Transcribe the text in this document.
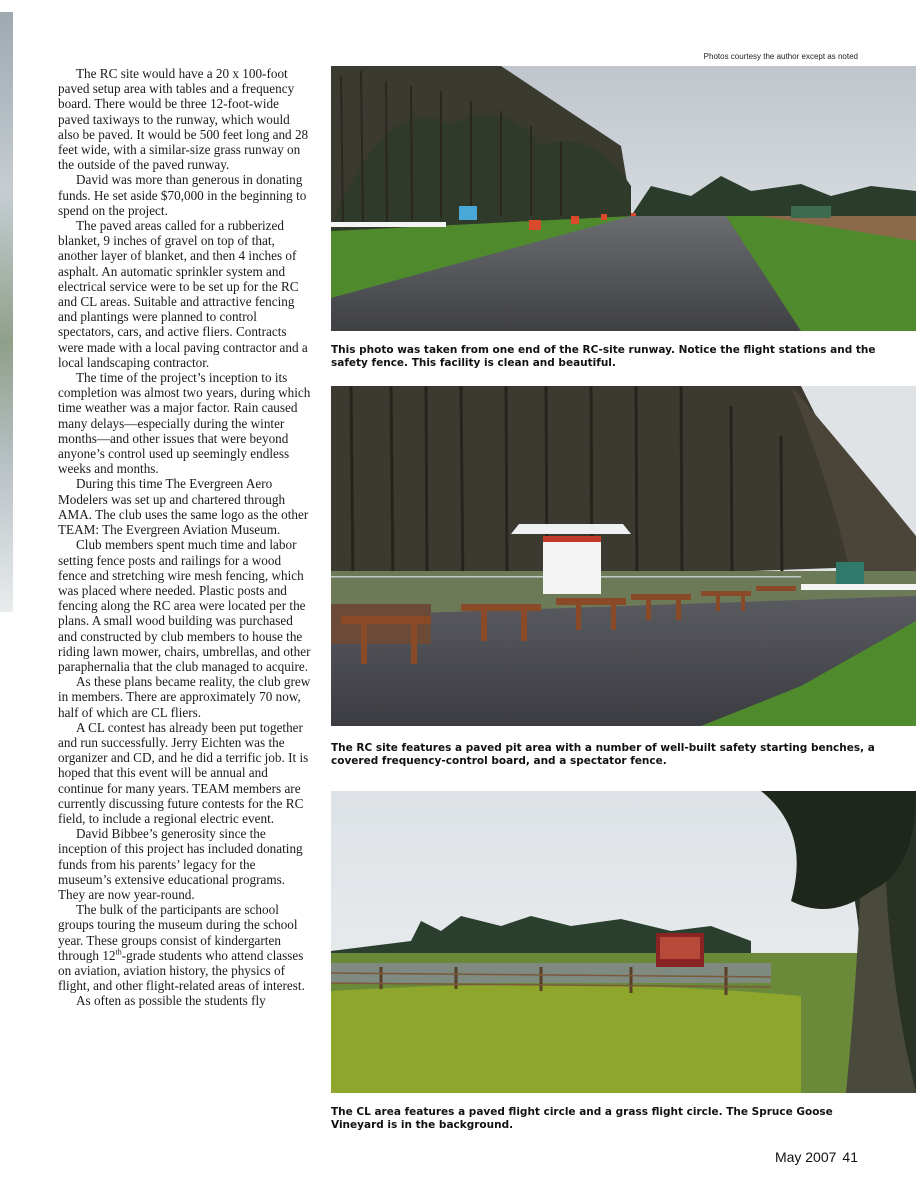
Photos courtesy the author except as noted

The RC site would have a 20 x 100-foot paved setup area with tables and a frequency board. There would be three 12-foot-wide paved taxiways to the runway, which would also be paved. It would be 500 feet long and 28 feet wide, with a similar-size grass runway on the outside of the paved runway.

David was more than generous in donating funds. He set aside $70,000 in the beginning to spend on the project.

The paved areas called for a rubberized blanket, 9 inches of gravel on top of that, another layer of blanket, and then 4 inches of asphalt. An automatic sprinkler system and electrical service were to be set up for the RC and CL areas. Suitable and attractive fencing and plantings were planned to control spectators, cars, and active fliers. Contracts were made with a local paving contractor and a local landscaping contractor.

The time of the project’s inception to its completion was almost two years, during which time weather was a major factor. Rain caused many delays—especially during the winter months—and other issues that were beyond anyone’s control used up seemingly endless weeks and months.

During this time The Evergreen Aero Modelers was set up and chartered through AMA. The club uses the same logo as the other TEAM: The Evergreen Aviation Museum.

Club members spent much time and labor setting fence posts and railings for a wood fence and stretching wire mesh fencing, which was placed where needed. Plastic posts and fencing along the RC area were located per the plans. A small wood building was purchased and constructed by club members to house the riding lawn mower, chairs, umbrellas, and other paraphernalia that the club managed to acquire.

As these plans became reality, the club grew in members. There are approximately 70 now, half of which are CL fliers.

A CL contest has already been put together and run successfully. Jerry Eichten was the organizer and CD, and he did a terrific job. It is hoped that this event will be annual and continue for many years. TEAM members are currently discussing future contests for the RC field, to include a regional electric event.

David Bibbee’s generosity since the inception of this project has included donating funds from his parents’ legacy for the museum’s extensive educational programs. They are now year-round.

The bulk of the participants are school groups touring the museum during the school year. These groups consist of kindergarten through 12th-grade students who attend classes on aviation, aviation history, the physics of flight, and other flight-related areas of interest.

As often as possible the students fly

This photo was taken from one end of the RC-site runway. Notice the flight stations and the safety fence. This facility is clean and beautiful.
The RC site features a paved pit area with a number of well-built safety starting benches, a covered frequency-control board, and a spectator fence.
The CL area features a paved flight circle and a grass flight circle. The Spruce Goose Vineyard is in the background.
May 2007 41
